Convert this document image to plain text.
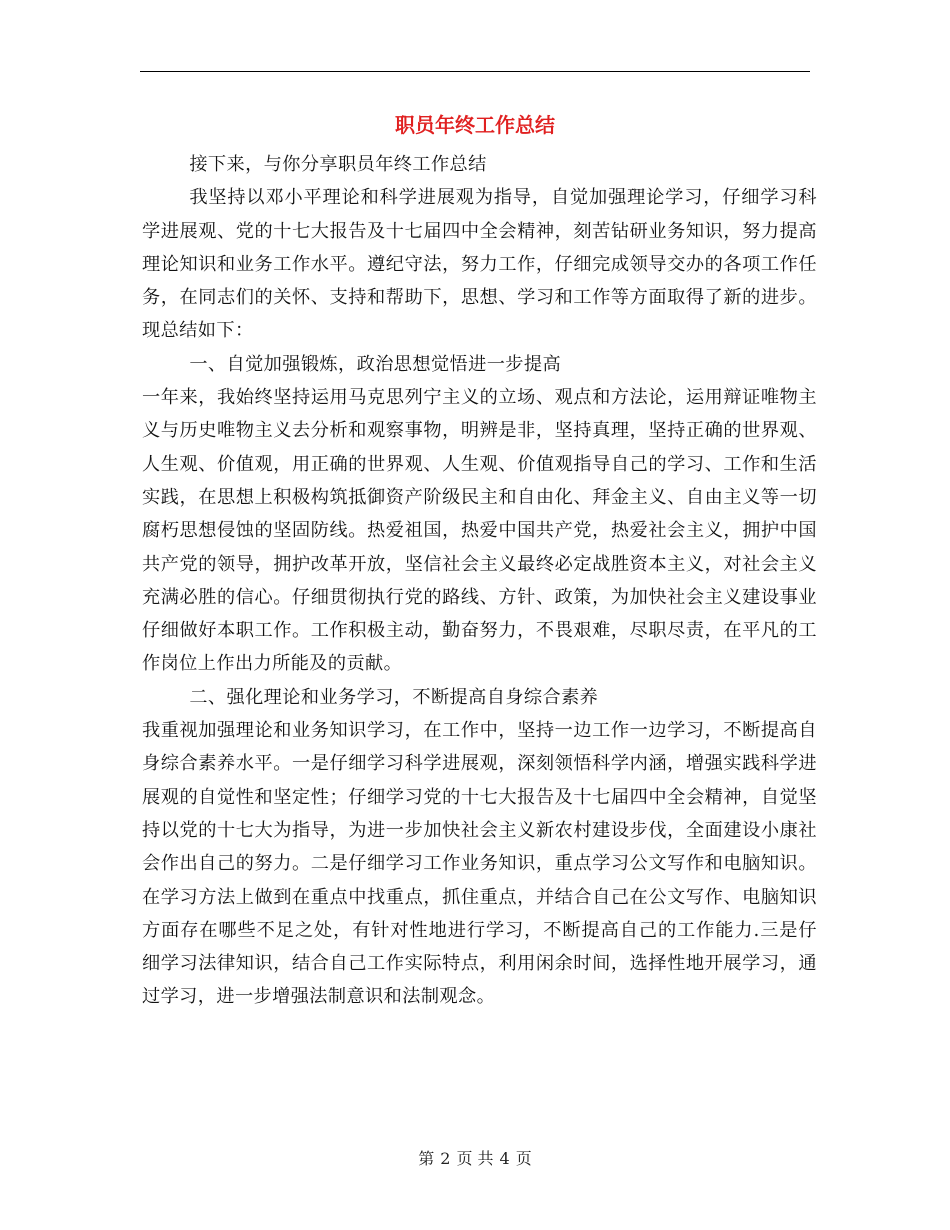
职员年终工作总结

接下来，与你分享职员年终工作总结

我坚持以邓小平理论和科学进展观为指导，自觉加强理论学习，仔细学习科学进展观、党的十七大报告及十七届四中全会精神，刻苦钻研业务知识，努力提高理论知识和业务工作水平。遵纪守法，努力工作，仔细完成领导交办的各项工作任务，在同志们的关怀、支持和帮助下，思想、学习和工作等方面取得了新的进步。现总结如下：

一、自觉加强锻炼，政治思想觉悟进一步提高

一年来，我始终坚持运用马克思列宁主义的立场、观点和方法论，运用辩证唯物主义与历史唯物主义去分析和观察事物，明辨是非，坚持真理，坚持正确的世界观、人生观、价值观，用正确的世界观、人生观、价值观指导自己的学习、工作和生活实践，在思想上积极构筑抵御资产阶级民主和自由化、拜金主义、自由主义等一切腐朽思想侵蚀的坚固防线。热爱祖国，热爱中国共产党，热爱社会主义，拥护中国共产党的领导，拥护改革开放，坚信社会主义最终必定战胜资本主义，对社会主义充满必胜的信心。仔细贯彻执行党的路线、方针、政策，为加快社会主义建设事业仔细做好本职工作。工作积极主动，勤奋努力，不畏艰难，尽职尽责，在平凡的工作岗位上作出力所能及的贡献。

二、强化理论和业务学习，不断提高自身综合素养

我重视加强理论和业务知识学习，在工作中，坚持一边工作一边学习，不断提高自身综合素养水平。一是仔细学习科学进展观，深刻领悟科学内涵，增强实践科学进展观的自觉性和坚定性；仔细学习党的十七大报告及十七届四中全会精神，自觉坚持以党的十七大为指导，为进一步加快社会主义新农村建设步伐，全面建设小康社会作出自己的努力。二是仔细学习工作业务知识，重点学习公文写作和电脑知识。在学习方法上做到在重点中找重点，抓住重点，并结合自己在公文写作、电脑知识方面存在哪些不足之处，有针对性地进行学习，不断提高自己的工作能力.三是仔细学习法律知识，结合自己工作实际特点，利用闲余时间，选择性地开展学习，通过学习，进一步增强法制意识和法制观念。

第 2 页 共 4 页
